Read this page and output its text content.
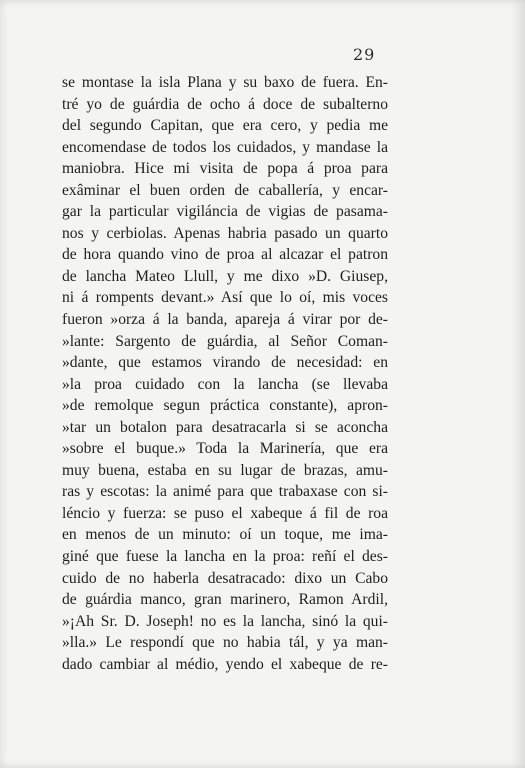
29
se montase la isla Plana y su baxo de fuera. En-
tré yo de guárdia de ocho á doce de subalterno
del segundo Capitan, que era cero, y pedia me
encomendase de todos los cuidados, y mandase la
maniobra. Hice mi visita de popa á proa para
exâminar el buen orden de caballería, y encar-
gar la particular vigiláncia de vigias de pasama-
nos y cerbiolas. Apenas habria pasado un quarto
de hora quando vino de proa al alcazar el patron
de lancha Mateo Llull, y me dixo »D. Giusep,
ni á rompents devant.» Así que lo oí, mis voces
fueron »orza á la banda, apareja á virar por de-
»lante: Sargento de guárdia, al Señor Coman-
»dante, que estamos virando de necesidad: en
»la proa cuidado con la lancha (se llevaba
»de remolque segun práctica constante), apron-
»tar un botalon para desatracarla si se aconcha
»sobre el buque.» Toda la Marinería, que era
muy buena, estaba en su lugar de brazas, amu-
ras y escotas: la animé para que trabaxase con si-
léncio y fuerza: se puso el xabeque á fil de roa
en menos de un minuto: oí un toque, me ima-
giné que fuese la lancha en la proa: reñí el des-
cuido de no haberla desatracado: dixo un Cabo
de guárdia manco, gran marinero, Ramon Ardil,
»¡Ah Sr. D. Joseph! no es la lancha, sinó la qui-
»lla.» Le respondí que no habia tál, y ya man-
dado cambiar al médio, yendo el xabeque de re-
